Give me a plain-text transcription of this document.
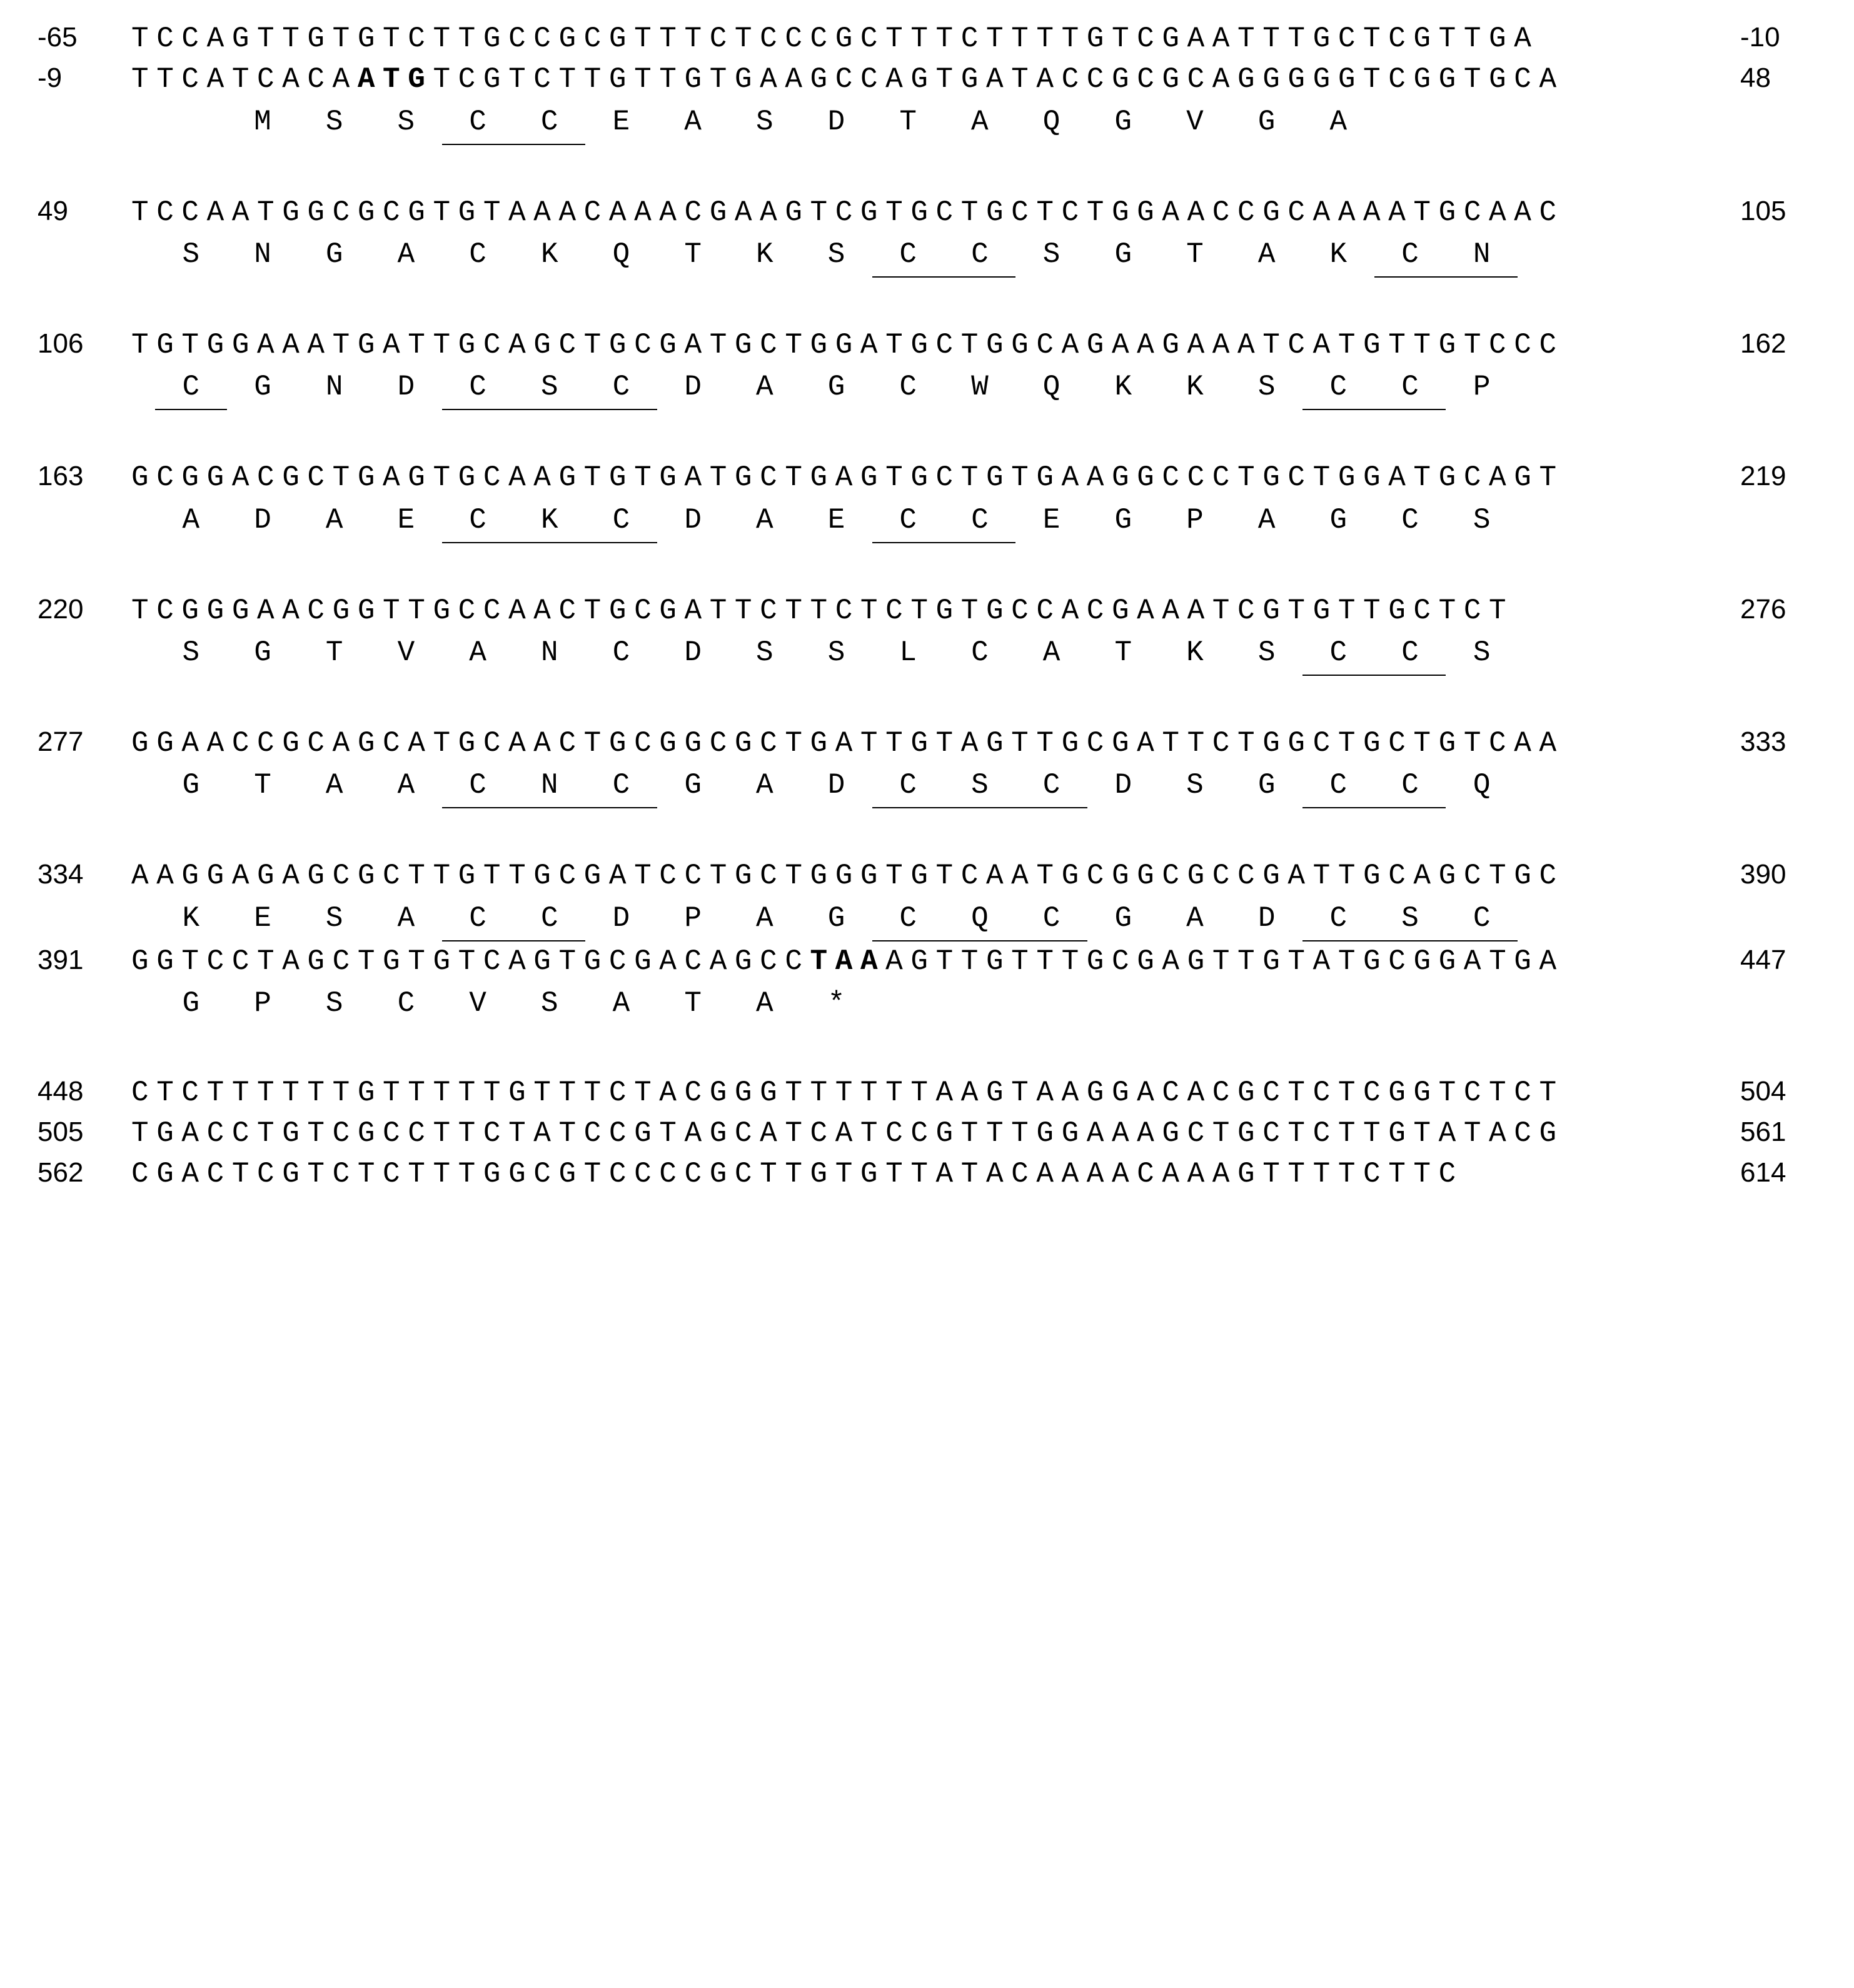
-65	TCCAGTTGTGTCTTGCCGCGTTTCTCCCGCTTTCTTTTGTCGAATTTGCTCGTTGA	-10
-9	TTCATCACAATGTCGTCTTGTTGTGAAGCCAGTGATACCGCGCAGGGGGTCGGTGCA	48
M S S C C E A S D T A Q G V G A
49	TCCAATGGCGCGTGTAAACAAACGAAGTCGTGCTGCTCTGGAACCGCAAAATGCAAC	105
S N G A C K Q T K S C C S G T A K C N
106	TGTGGAAATGATTGCAGCTGCGATGCTGGATGCTGGCAGAAGAAATCATGTTGTCCC	162
C G N D C S C D A G C W Q K K S C C P
163	GCGGACGCTGAGTGCAAGTGTGATGCTGAGTGCTGTGAAGGCCCTGCTGGATGCAGT	219
A D A E C K C D A E C C E G P A G C S
220	TCGGGAACGGTTGCCAACTGCGATTCTTCTCTGTGCCACGAAATCGTGTTGCTCT	276
S G T V A N C D S S L C A T K S C C S
277	GGAACCGCAGCATGCAACTGCGGCGCTGATTGTAGTTGCGATTCTGGCTGCTGTCAA	333
G T A A C N C G A D C S C D S G C C Q
334	AAGGAGAGCGCTTGTTGCGATCCTGCTGGGTGTCAATGCGGCGCCGATTGCAGCTGC	390
K E S A C C D P A G C Q C G A D C S C
391	GGTCCTAGCTGTGTCAGTGCGACAGCCTAAAGTTGTTTGCGAGTTGTATGCGGATGA	447
G P S C V S A T A *
448	CTCTTTTTTGTTTTTGTTTCTACGGGTTTTTTAAGTAAGGACACGCTCTCGGTCTCT	504
505	TGACCTGTCGCCTTCTATCCGTAGCATCATCCGTTTGGAAAGCTGCTCTTGTATACG	561
562	CGACTCGTCTCTTTGGCGTCCCCGCTTGTGTTATACAAAACAAAGTTTTCTTC	614
